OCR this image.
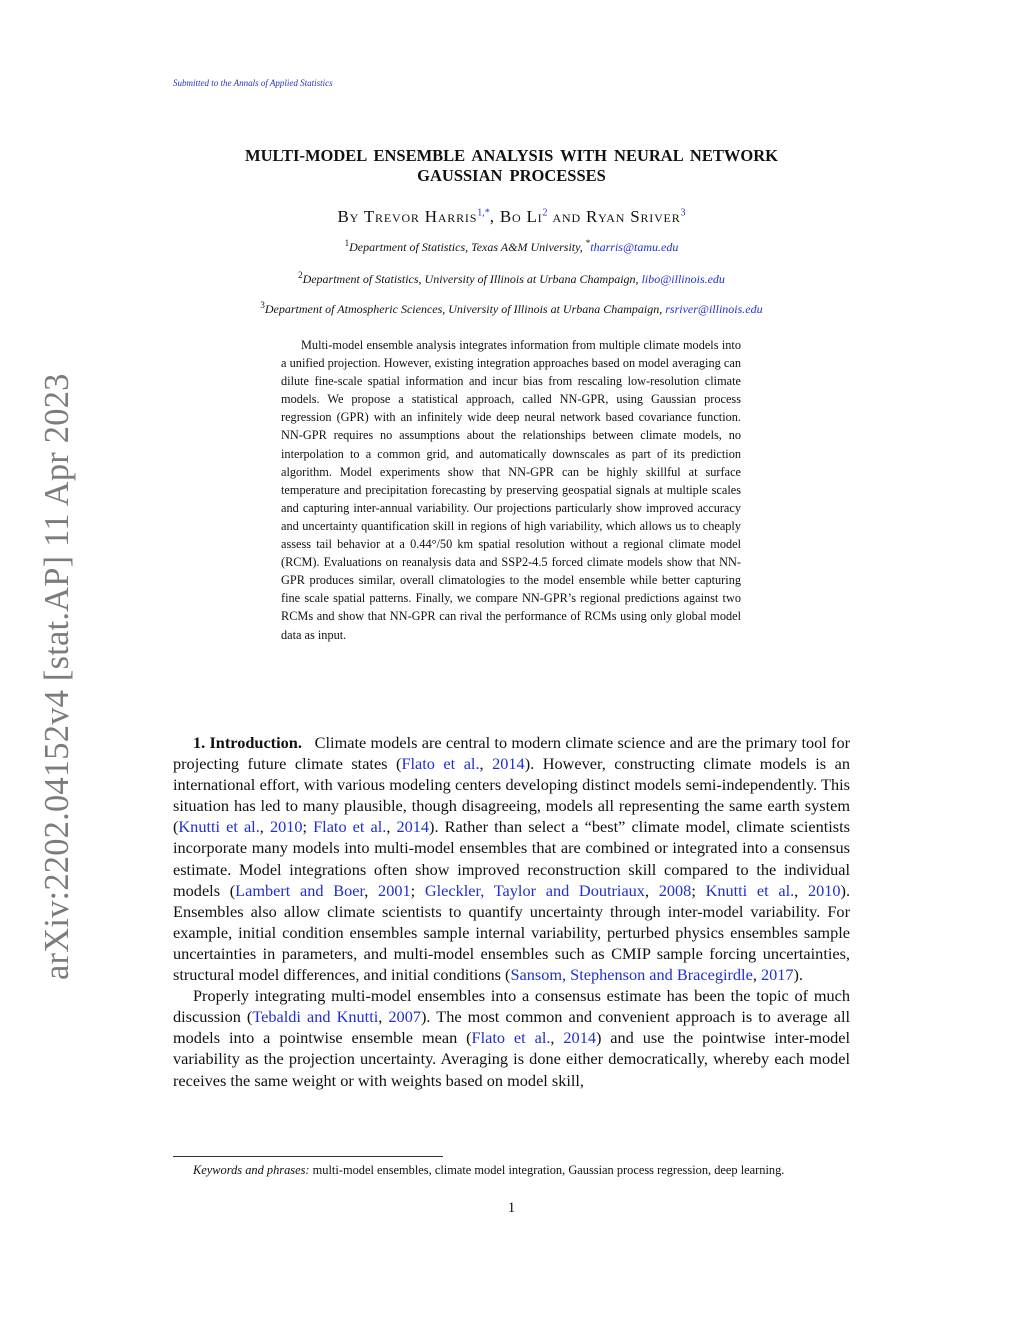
Submitted to the Annals of Applied Statistics
arXiv:2202.04152v4 [stat.AP] 11 Apr 2023
MULTI-MODEL ENSEMBLE ANALYSIS WITH NEURAL NETWORK
GAUSSIAN PROCESSES
By Trevor Harris$^{1,*}$, Bo Li$^2$ and Ryan Sriver$^3$
$^1$Department of Statistics, Texas A&M University, *tharris@tamu.edu
$^2$Department of Statistics, University of Illinois at Urbana Champaign, libo@illinois.edu
$^3$Department of Atmospheric Sciences, University of Illinois at Urbana Champaign, rsriver@illinois.edu

Multi-model ensemble analysis integrates information from multiple climate models into a unified projection. However, existing integration approaches based on model averaging can dilute fine-scale spatial information and incur bias from rescaling low-resolution climate models. We propose a statistical approach, called NN-GPR, using Gaussian process regression (GPR) with an infinitely wide deep neural network based covariance function. NN-GPR requires no assumptions about the relationships between climate models, no interpolation to a common grid, and automatically downscales as part of its prediction algorithm. Model experiments show that NN-GPR can be highly skillful at surface temperature and precipitation forecasting by preserving geospatial signals at multiple scales and capturing inter-annual variability. Our projections particularly show improved accuracy and uncertainty quantification skill in regions of high variability, which allows us to cheaply assess tail behavior at a 0.44°/50 km spatial resolution without a regional climate model (RCM). Evaluations on reanalysis data and SSP2-4.5 forced climate models show that NN-GPR produces similar, overall climatologies to the model ensemble while better capturing fine scale spatial patterns. Finally, we compare NN-GPR’s regional predictions against two RCMs and show that NN-GPR can rival the performance of RCMs using only global model data as input.

1. Introduction. Climate models are central to modern climate science and are the primary tool for projecting future climate states (Flato et al., 2014). However, constructing climate models is an international effort, with various modeling centers developing distinct models semi-independently. This situation has led to many plausible, though disagreeing, models all representing the same earth system (Knutti et al., 2010; Flato et al., 2014). Rather than select a “best” climate model, climate scientists incorporate many models into multi-model ensembles that are combined or integrated into a consensus estimate. Model integrations often show improved reconstruction skill compared to the individual models (Lambert and Boer, 2001; Gleckler, Taylor and Doutriaux, 2008; Knutti et al., 2010). Ensembles also allow climate scientists to quantify uncertainty through inter-model variability. For example, initial condition ensembles sample internal variability, perturbed physics ensembles sample uncertainties in parameters, and multi-model ensembles such as CMIP sample forcing uncertainties, structural model differences, and initial conditions (Sansom, Stephenson and Bracegirdle, 2017).

Properly integrating multi-model ensembles into a consensus estimate has been the topic of much discussion (Tebaldi and Knutti, 2007). The most common and convenient approach is to average all models into a pointwise ensemble mean (Flato et al., 2014) and use the pointwise inter-model variability as the projection uncertainty. Averaging is done either democratically, whereby each model receives the same weight or with weights based on model skill,

Keywords and phrases: multi-model ensembles, climate model integration, Gaussian process regression, deep learning.
1
